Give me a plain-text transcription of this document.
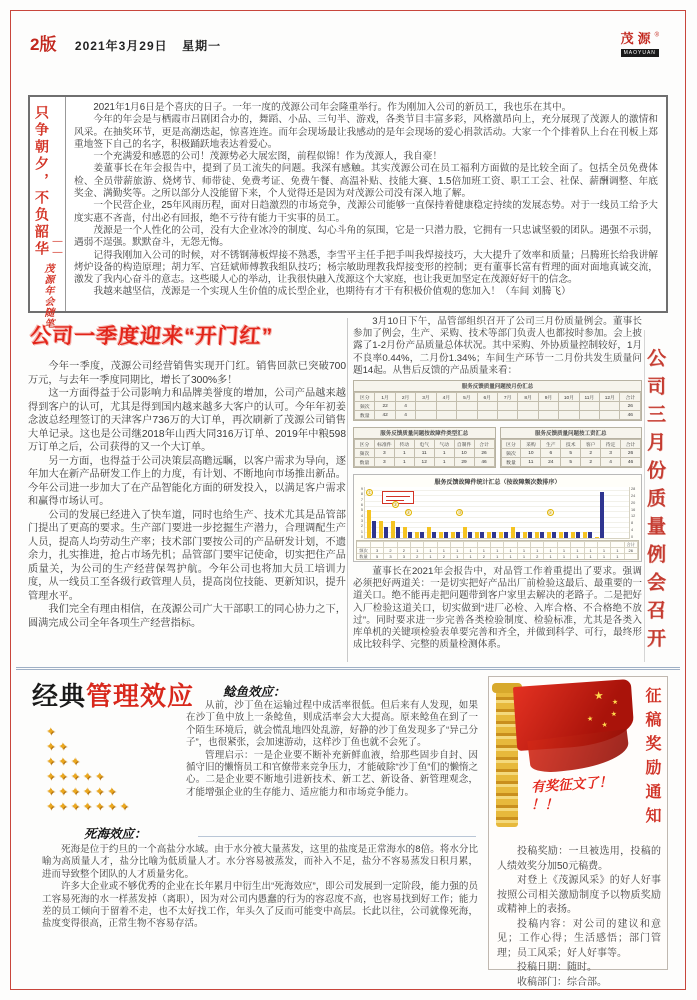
2版 2021年3月29日 星期一	茂源®
MAOYUAN
只争朝夕，不负韶华 ——茂源年会随笔

2021年1月6日是个喜庆的日子。一年一度的茂源公司年会隆重举行。作为刚加入公司的新员工，我也乐在其中。

今年的年会是与栖霞市吕剧团合办的，舞蹈、小品、三句半、游戏，各类节目丰富多彩，风格激昂向上，充分展现了茂源人的激情和风采。在抽奖环节，更是高潮迭起，惊喜连连。而年会现场最让我感动的是年会现场的爱心捐款活动。大家一个个排着队上台在刊板上郑重地签下自己的名字，积极踊跃地表达着爱心。

一个充满爱和感恩的公司！茂源势必大展宏图，前程似锦！作为茂源人，我自豪！

姜董事长在年会报告中，提到了员工流失的问题。我深有感触。其实茂源公司在员工福利方面做的是比较全面了。包括全员免费体检、全员带薪旅游、烧烤节、师带徒、免费考证、免费午餐、高温补贴、技能大赛、1.5倍加班工资、职工工会、社保、薪酬调整、年底奖金、满勤奖等。之所以部分人没能留下来，个人觉得还是因为对茂源公司没有深入地了解。

一个民营企业，25年风雨历程，面对日趋激烈的市场竞争，茂源公司能够一直保持着健康稳定持续的发展态势。对于一线员工给予大度实惠不吝啬，付出必有回报，绝不亏待有能力干实事的员工。

茂源是一个人性化的公司，没有大企业冰冷的制度、勾心斗角的氛围，它是一只潜力股，它拥有一只忠诚坚毅的团队。遇强不示弱，遇弱不逞强。默默奋斗，无怨无悔。

记得我刚加入公司的时候，对不锈钢薄板焊接不熟悉，李雪平主任手把手叫我焊接技巧，大大提升了效率和质量；吕腾班长给我讲解烤炉设备的构造原理；胡力军、宫廷斌师傅教我组队技巧；杨宗敏助理教我焊接变形的控制；更有董事长富有哲理的面对面地真诚交流，激发了我内心奋斗的意志。这些暖人心的举动，让我很快融入茂源这个大家庭，也让我更加坚定在茂源好好干的信念。

我越来越坚信，茂源是一个实现人生价值的成长型企业，也期待有才干有积极价值观的您加入！（车间 刘腾飞）

公司一季度迎来“开门红”

今年一季度，茂源公司经营销售实现开门红。销售回款已突破700万元，与去年一季度同期比，增长了300%多！

这一方面得益于公司影响力和品牌美誉度的增加，公司产品越来越得到客户的认可，尤其是得到国内越来越多大客户的认可。今年年初姜念波总经理签订的天津客户736万的大订单，再次刷新了茂源公司销售大单记录。这也是公司继2018年山西大同316万订单、2019年中粮598万订单之后，公司获得的又一个大订单。

另一方面，也得益于公司决策层高瞻远瞩，以客户需求为导向，逐年加大在新产品研发工作上的力度，有计划、不断地向市场推出新品。今年公司进一步加大了在产品智能化方面的研发投入，以满足客户需求和赢得市场认可。

公司的发展已经进入了快车道，同时也给生产、技术尤其是品管部门提出了更高的要求。生产部门要进一步挖掘生产潜力，合理调配生产人员，提高人均劳动生产率；技术部门要按公司的产品研发计划，不遗余力，扎实推进，抢占市场先机；品管部门要牢记使命，切实把住产品质量关，为公司的生产经营保驾护航。今年公司也将加大员工培训力度，从一线员工至各级行政管理人员，提高岗位技能、更新知识，提升管理水平。

我们完全有理由相信，在茂源公司广大干部职工的同心协力之下，圆满完成公司全年各项生产经营指标。

3月10日下午，品管部组织召开了公司三月份质量例会。董事长参加了例会，生产、采购、技术等部门负责人也都按时参加。会上披露了1-2月份产品质量总体状况。其中采购、外协质量控制较好，1月不良率0.44%，二月份1.34%；车间生产环节一二月份共发生质量问题14起。从售后反馈的产品质量来看：

服务反馈质量问题按月份汇总
区分	1月	2月	3月	4月	5月	6月	7月	8月	9月	10月	11月	12月	合计
频次	22	4											26
数量	42	4											46
服务反馈质量问题按故障件类型汇总
区分	标准件	传动	电气	气动	自制件	合计
频次	3	1	11	1	10	26
数量	3	1	12	1	29	46
服务反馈质量问题按工责汇总
区分	采购	生产	技术	客户	待定	合计
频次	10	6	5	2	3	26
数量	11	24	5	2	4	46
服务反馈故障件统计汇总（按故障频次数排序）
9
8
7
6
5
4
3
2
1
0
28
24
20
16
12
8
4
0
①
②
③	③	⑤
合计
频次	3	2	2	1	1	1	1	1	1	1	1	1	1	1	1	1	1	1	1	26
数量	5	3	3	2	1	2	1	1	2	1	1	1	2	1	1	1	1	1	1

董事长在2021年会报告中，对品管工作着重提出了要求。强调必须把好两道关：一是切实把好产品出厂前检验这最后、最重要的一道关口。绝不能再走把问题带到客户家里去解决的老路子。二是把好入厂检验这道关口，切实做到“进厂必检、入库合格、不合格绝不放过”。同时要求进一步完善各类检验制度、检验标准，尤其是各类入库单机的关键项检验表单要完善和齐全，并做到科学、可行，最终形成比较科学、完整的质量检测体系。	公司三月份质量例会召开
经典管理效应
✦
✦ ✦
✦ ✦ ✦
✦ ✦ ✦ ✦ ✦
✦ ✦ ✦ ✦ ✦ ✦
✦ ✦ ✦ ✦ ✦ ✦ ✦ 鲶鱼效应：

从前，沙丁鱼在运输过程中成活率很低。但后来有人发现，如果在沙丁鱼中放上一条鲶鱼，则成活率会大大提高。原来鲶鱼在到了一个陌生环境后，就会慌乱地四处乱游，好静的沙丁鱼发现多了“异己分子”，也很紧张，会加速游动，这样沙丁鱼也就不会死了。

管理启示：一是企业要不断补充新鲜血液，给那些固步自封、因循守旧的懒惰员工和官僚带来竞争压力，才能破除“沙丁鱼”们的懒惰之心。二是企业要不断地引进新技术、新工艺、新设备、新管理观念，才能增强企业的生存能力、适应能力和市场竞争能力。

死海效应：

死海是位于约旦的一个高盐分水域。由于水分被大量蒸发，这里的盐度是正常海水的8倍。将水分比喻为高质量人才，盐分比喻为低质量人才。水分容易被蒸发，而补入不足，盐分不容易蒸发日积月累，进而导致整个团队的人才质量劣化。

许多大企业或不够优秀的企业在长年累月中衍生出“死海效应”，即公司发展到一定阶段，能力强的员工容易死海的水一样蒸发掉（离职），因为对公司内愚蠢的行为的容忍度不高，也容易找到好工作；能力差的员工倾向于留着不走，也不太好找工作，年头久了反而可能变中高层。长此以往，公司就像死海，盐度变得很高，正常生物不容易存活。

★
★
★
★
★
有奖征文了！
！！	征稿奖励通知

投稿奖励：一旦被选用，投稿的人绩效奖分加50元稿费。

对登上《茂源风采》的好人好事按照公司相关激励制度予以物质奖励或精神上的表扬。

投稿内容：对公司的建议和意见；工作心得；生活感悟；部门管理；员工风采；好人好事等。

投稿日期：随时。

收稿部门：综合部。
